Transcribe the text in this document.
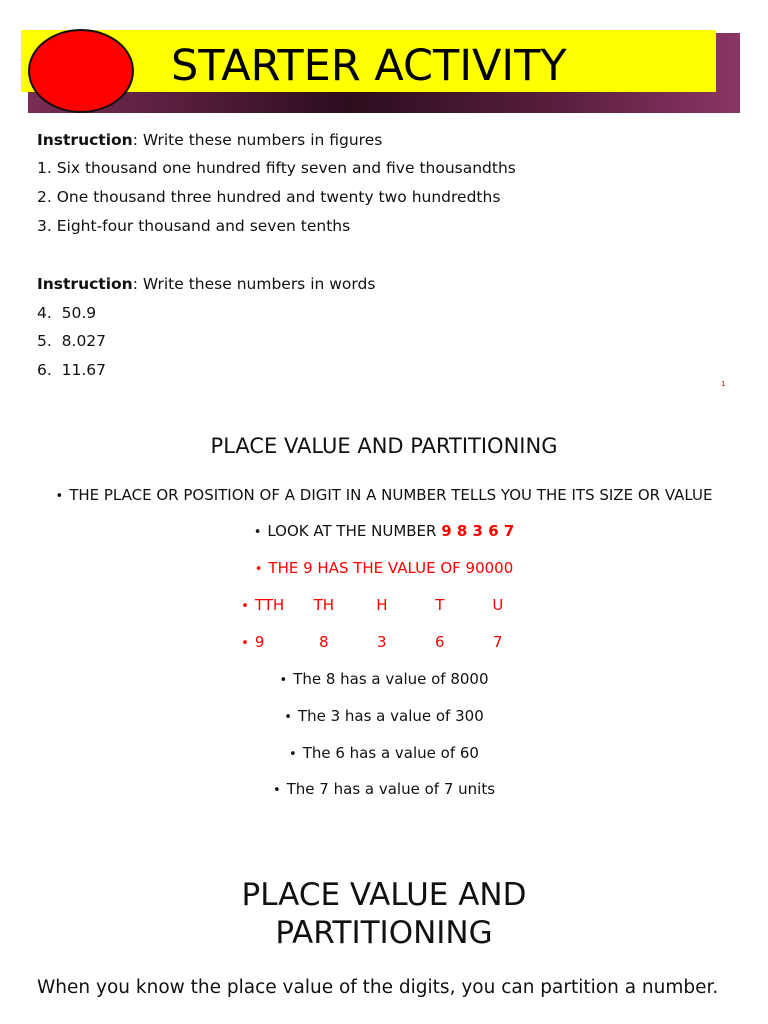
STARTER ACTIVITY
Instruction: Write these numbers in figures
1. Six thousand one hundred fifty seven and five thousandths
2. One thousand three hundred and twenty two hundredths
3. Eight-four thousand and seven tenths
Instruction: Write these numbers in words
4. 50.9
5. 8.027
6. 11.67
1
PLACE VALUE AND PARTITIONING
• THE PLACE OR POSITION OF A DIGIT IN A NUMBER TELLS YOU THE ITS SIZE OR VALUE
• LOOK AT THE NUMBER 9 8 3 6 7
• THE 9 HAS THE VALUE OF 90000
• TTH TH	H	T	U
• 9	8	3	6	7
• The 8 has a value of 8000
• The 3 has a value of 300
• The 6 has a value of 60
• The 7 has a value of 7 units
PLACE VALUE AND
PARTITIONING
When you know the place value of the digits, you can partition a number.
